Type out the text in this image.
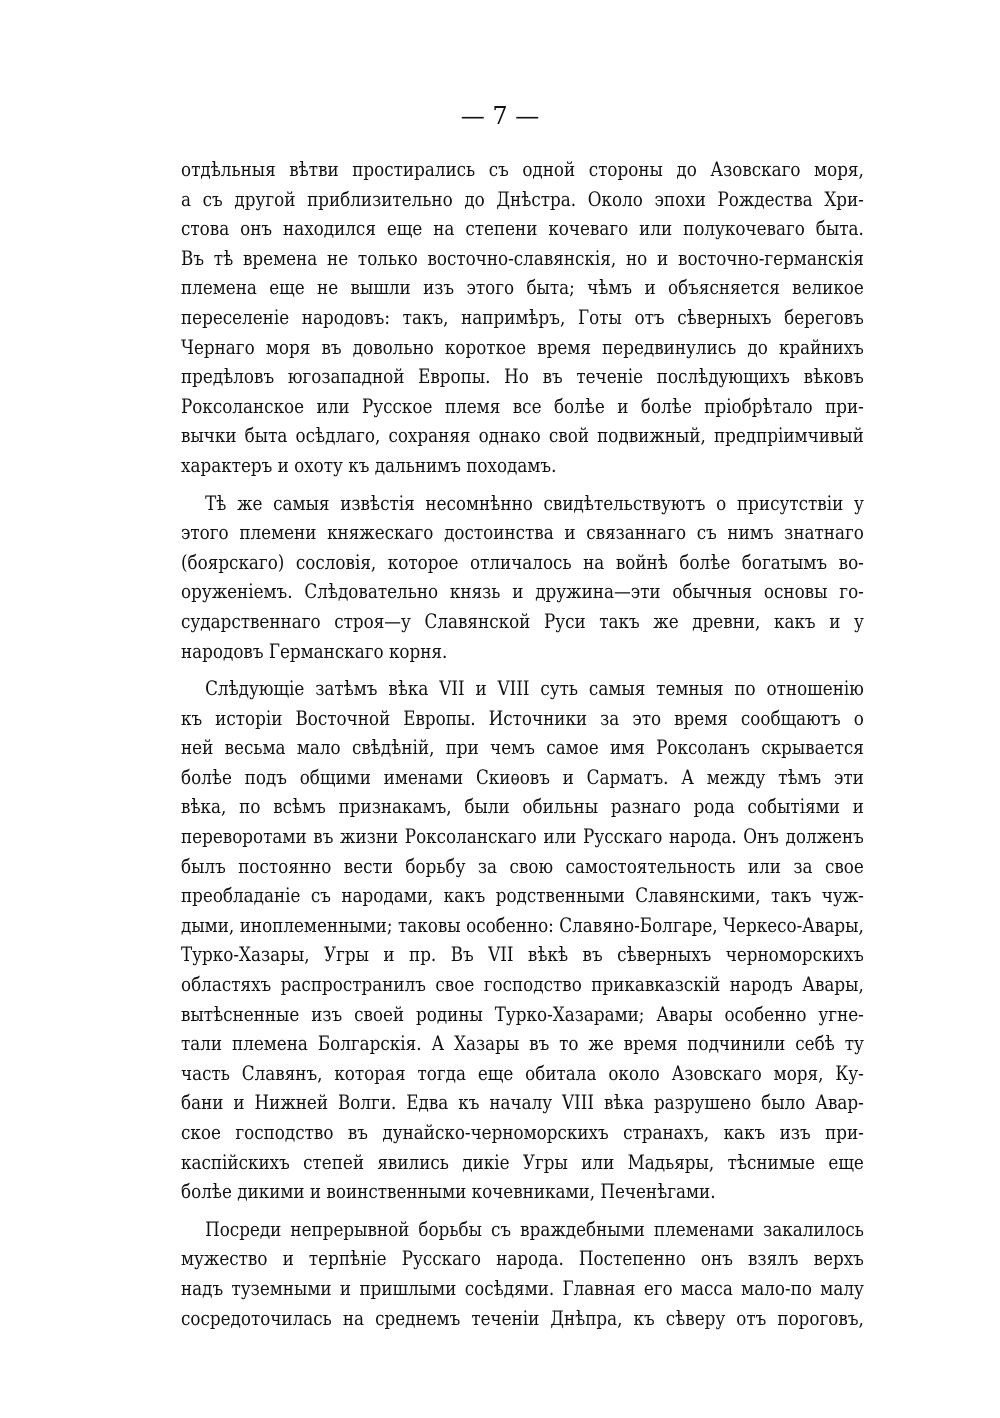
— 7 —
отдѣльныя вѣтви простирались съ одной стороны до Азовскаго моря,
а съ другой приблизительно до Днѣстра. Около эпохи Рождества Хри-
стова онъ находился еще на степени кочеваго или полукочеваго быта.
Въ тѣ времена не только восточно-славянскія, но и восточно-германскія
племена еще не вышли изъ этого быта; чѣмъ и объясняется великое
переселеніе народовъ: такъ, напримѣръ, Готы отъ сѣверныхъ береговъ
Чернаго моря въ довольно короткое время передвинулись до крайнихъ
предѣловъ югозападной Европы. Но въ теченіе послѣдующихъ вѣковъ
Роксоланское или Русское племя все болѣе и болѣе пріобрѣтало при-
вычки быта осѣдлаго, сохраняя однако свой подвижный, предпріимчивый
характеръ и охоту къ дальнимъ походамъ.
Тѣ же самыя извѣстія несомнѣнно свидѣтельствуютъ о присутствіи у
этого племени княжескаго достоинства и связаннаго съ нимъ знатнаго
(боярскаго) сословія, которое отличалось на войнѣ болѣе богатымъ во-
оруженіемъ. Слѣдовательно князь и дружина—эти обычныя основы го-
сударственнаго строя—у Славянской Руси такъ же древни, какъ и у
народовъ Германскаго корня.
Слѣдующіе затѣмъ вѣка VII и VIII суть самыя темныя по отношенію
къ исторіи Восточной Европы. Источники за это время сообщаютъ о
ней весьма мало свѣдѣній, при чемъ самое имя Роксоланъ скрывается
болѣе подъ общими именами Скиѳовъ и Сарматъ. А между тѣмъ эти
вѣка, по всѣмъ признакамъ, были обильны разнаго рода событіями и
переворотами въ жизни Роксоланскаго или Русскаго народа. Онъ долженъ
былъ постоянно вести борьбу за свою самостоятельность или за свое
преобладаніе съ народами, какъ родственными Славянскими, такъ чуж-
дыми, иноплеменными; таковы особенно: Славяно-Болгаре, Черкесо-Авары,
Турко-Хазары, Угры и пр. Въ VII вѣкѣ въ сѣверныхъ черноморскихъ
областяхъ распространилъ свое господство прикавказскій народъ Авары,
вытѣсненные изъ своей родины Турко-Хазарами; Авары особенно угне-
тали племена Болгарскія. А Хазары въ то же время подчинили себѣ ту
часть Славянъ, которая тогда еще обитала около Азовскаго моря, Ку-
бани и Нижней Волги. Едва къ началу VIII вѣка разрушено было Авар-
ское господство въ дунайско-черноморскихъ странахъ, какъ изъ при-
каспійскихъ степей явились дикіе Угры или Мадьяры, тѣснимые еще
болѣе дикими и воинственными кочевниками, Печенѣгами.
Посреди непрерывной борьбы съ враждебными племенами закалилось
мужество и терпѣніе Русскаго народа. Постепенно онъ взялъ верхъ
надъ туземными и пришлыми сосѣдями. Главная его масса мало-по малу
сосредоточилась на среднемъ теченіи Днѣпра, къ сѣверу отъ пороговъ,
